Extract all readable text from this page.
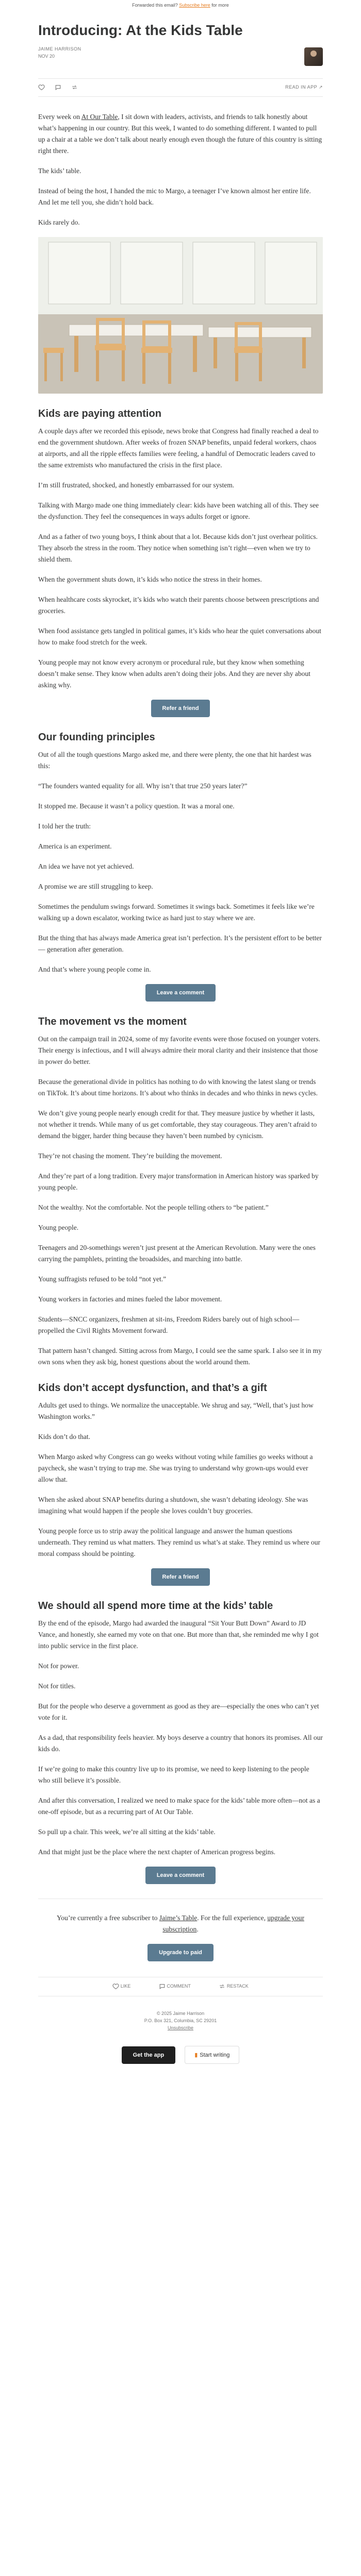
Forwarded this email? Subscribe here for more
Introducing: At the Kids Table
JAIME HARRISON
NOV 20
READ IN APP ↗

Every week on At Our Table, I sit down with leaders, activists, and friends to talk honestly about what’s happening in our country. But this week, I wanted to do something different. I wanted to pull up a chair at a table we don’t talk about nearly enough even though the future of this country is sitting right there.

The kids’ table.

Instead of being the host, I handed the mic to Margo, a teenager I’ve known almost her entire life. And let me tell you, she didn’t hold back.

Kids rarely do.

Kids are paying attention

A couple days after we recorded this episode, news broke that Congress had finally reached a deal to end the government shutdown. After weeks of frozen SNAP benefits, unpaid federal workers, chaos at airports, and all the ripple effects families were feeling, a handful of Democratic leaders caved to the same extremists who manufactured the crisis in the first place.

I’m still frustrated, shocked, and honestly embarrassed for our system.

Talking with Margo made one thing immediately clear: kids have been watching all of this. They see the dysfunction. They feel the consequences in ways adults forget or ignore.

And as a father of two young boys, I think about that a lot. Because kids don’t just overhear politics. They absorb the stress in the room. They notice when something isn’t right—even when we try to shield them.

When the government shuts down, it’s kids who notice the stress in their homes.

When healthcare costs skyrocket, it’s kids who watch their parents choose between prescriptions and groceries.

When food assistance gets tangled in political games, it’s kids who hear the quiet conversations about how to make food stretch for the week.

Young people may not know every acronym or procedural rule, but they know when something doesn’t make sense. They know when adults aren’t doing their jobs. And they are never shy about asking why.

Refer a friend
Our founding principles

Out of all the tough questions Margo asked me, and there were plenty, the one that hit hardest was this:

“The founders wanted equality for all. Why isn’t that true 250 years later?”

It stopped me. Because it wasn’t a policy question. It was a moral one.

I told her the truth:

America is an experiment.

An idea we have not yet achieved.

A promise we are still struggling to keep.

Sometimes the pendulum swings forward. Sometimes it swings back. Sometimes it feels like we’re walking up a down escalator, working twice as hard just to stay where we are.

But the thing that has always made America great isn’t perfection. It’s the persistent effort to be better — generation after generation.

And that’s where young people come in.

Leave a comment
The movement vs the moment

Out on the campaign trail in 2024, some of my favorite events were those focused on younger voters. Their energy is infectious, and I will always admire their moral clarity and their insistence that those in power do better.

Because the generational divide in politics has nothing to do with knowing the latest slang or trends on TikTok. It’s about time horizons. It’s about who thinks in decades and who thinks in news cycles.

We don’t give young people nearly enough credit for that. They measure justice by whether it lasts, not whether it trends. While many of us get comfortable, they stay courageous. They aren’t afraid to demand the bigger, harder thing because they haven’t been numbed by cynicism.

They’re not chasing the moment. They’re building the movement.

And they’re part of a long tradition. Every major transformation in American history was sparked by young people.

Not the wealthy. Not the comfortable. Not the people telling others to “be patient.”

Young people.

Teenagers and 20-somethings weren’t just present at the American Revolution. Many were the ones carrying the pamphlets, printing the broadsides, and marching into battle.

Young suffragists refused to be told “not yet.”

Young workers in factories and mines fueled the labor movement.

Students—SNCC organizers, freshmen at sit-ins, Freedom Riders barely out of high school—propelled the Civil Rights Movement forward.

That pattern hasn’t changed. Sitting across from Margo, I could see the same spark. I also see it in my own sons when they ask big, honest questions about the world around them.

Kids don’t accept dysfunction, and that’s a gift

Adults get used to things. We normalize the unacceptable. We shrug and say, “Well, that’s just how Washington works.”

Kids don’t do that.

When Margo asked why Congress can go weeks without voting while families go weeks without a paycheck, she wasn’t trying to trap me. She was trying to understand why grown-ups would ever allow that.

When she asked about SNAP benefits during a shutdown, she wasn’t debating ideology. She was imagining what would happen if the people she loves couldn’t buy groceries.

Young people force us to strip away the political language and answer the human questions underneath. They remind us what matters. They remind us what’s at stake. They remind us where our moral compass should be pointing.

Refer a friend
We should all spend more time at the kids’ table

By the end of the episode, Margo had awarded the inaugural “Sit Your Butt Down” Award to JD Vance, and honestly, she earned my vote on that one. But more than that, she reminded me why I got into public service in the first place.

Not for power.

Not for titles.

But for the people who deserve a government as good as they are—especially the ones who can’t yet vote for it.

As a dad, that responsibility feels heavier. My boys deserve a country that honors its promises. All our kids do.

If we’re going to make this country live up to its promise, we need to keep listening to the people who still believe it’s possible.

And after this conversation, I realized we need to make space for the kids’ table more often—not as a one-off episode, but as a recurring part of At Our Table.

So pull up a chair. This week, we’re all sitting at the kids’ table.

And that might just be the place where the next chapter of American progress begins.

Leave a comment

You’re currently a free subscriber to Jaime’s Table. For the full experience, upgrade your subscription.

Upgrade to paid
LIKE	COMMENT	RESTACK
© 2025 Jaime Harrison
P.O. Box 321, Columbia, SC 29201
Unsubscribe
Get the app	▮ Start writing
